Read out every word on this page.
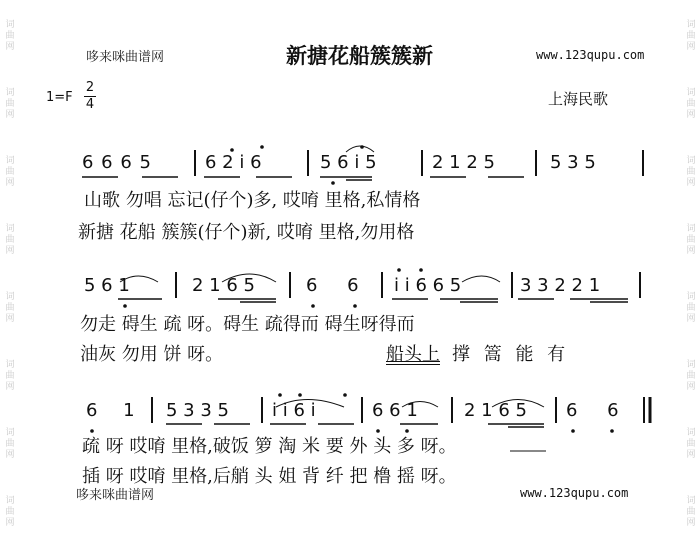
词
曲
网
词
曲
网
词
曲
网
词
曲
网
词
曲
网
词
曲
网
词
曲
网
词
曲
网
词
曲
网
词
曲
网
词
曲
网
词
曲
网
词
曲
网
词
曲
网
词
曲
网
词
曲
网
哆来咪曲谱网	新搪花船簇簇新	www.123qupu.com
1=F
2
4	上海民歌
6 6 6 5	6 2 i 6	5 6 i 5	2 1 2 5	5 3 5
山歌 勿唱 忘记(仔个)多, 哎唷 里格,私情格
新搪 花船 簇簇(仔个)新, 哎唷 里格,勿用格
5 6 1	2 1 6 5	6 6 i i 6 6 5	3 3 2 2 1
勿走 碍生 疏 呀。碍生 疏得而 碍生呀得而
油灰 勿用 饼 呀。	船头上 撑 篙 能 有
6 1 5 3 3 5 i i 6 i	6 6 1	2 1 6 5 6 6
疏 呀 哎唷 里格,破饭 箩 淘 米 要 外 头 多 呀。
插 呀 哎唷 里格,后艄 头 姐 背 纤 把 橹 摇 呀。
哆来咪曲谱网	www.123qupu.com
